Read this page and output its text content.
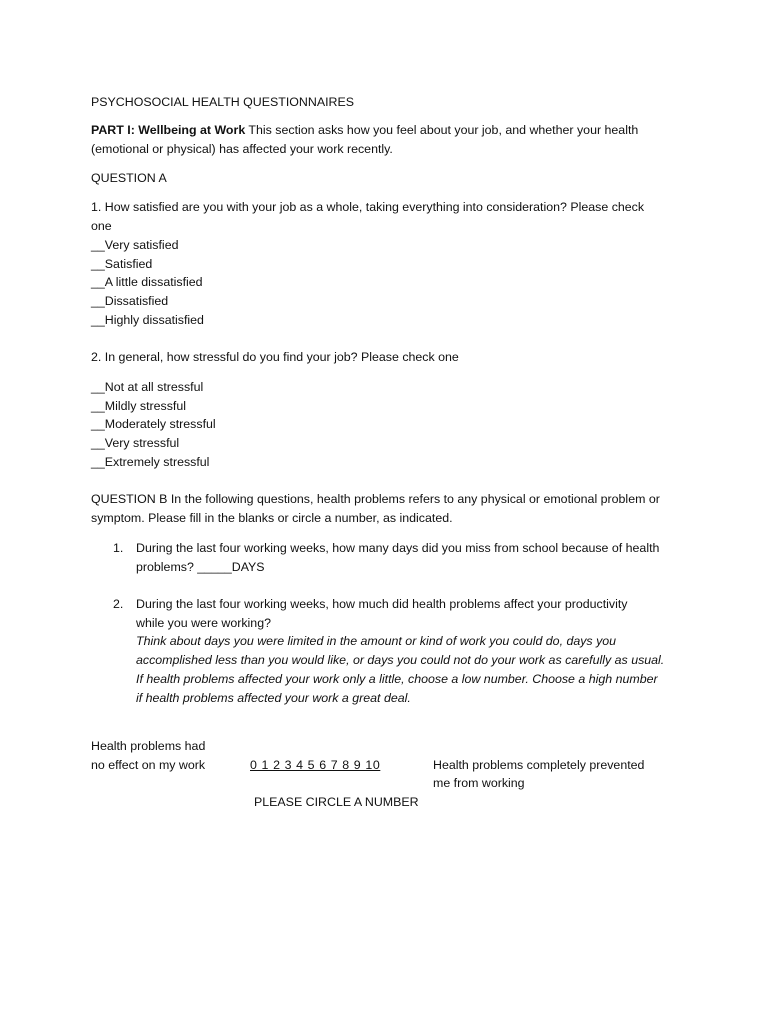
PSYCHOSOCIAL HEALTH QUESTIONNAIRES
PART I: Wellbeing at Work This section asks how you feel about your job, and whether your health
(emotional or physical) has affected your work recently.
QUESTION A
1. How satisfied are you with your job as a whole, taking everything into consideration? Please check
one
__Very satisfied
__Satisfied
__A little dissatisfied
__Dissatisfied
__Highly dissatisfied
2. In general, how stressful do you find your job? Please check one
__Not at all stressful
__Mildly stressful
__Moderately stressful
__Very stressful
__Extremely stressful
QUESTION B In the following questions, health problems refers to any physical or emotional problem or
symptom. Please fill in the blanks or circle a number, as indicated.
1. During the last four working weeks, how many days did you miss from school because of health
problems? _____DAYS
2. During the last four working weeks, how much did health problems affect your productivity
while you were working?
Think about days you were limited in the amount or kind of work you could do, days you
accomplished less than you would like, or days you could not do your work as carefully as usual.
If health problems affected your work only a little, choose a low number. Choose a high number
if health problems affected your work a great deal.
Health problems had
no effect on my work	0 1 2 3 4 5 6 7 8 9 10	Health problems completely prevented
me from working
PLEASE CIRCLE A NUMBER
